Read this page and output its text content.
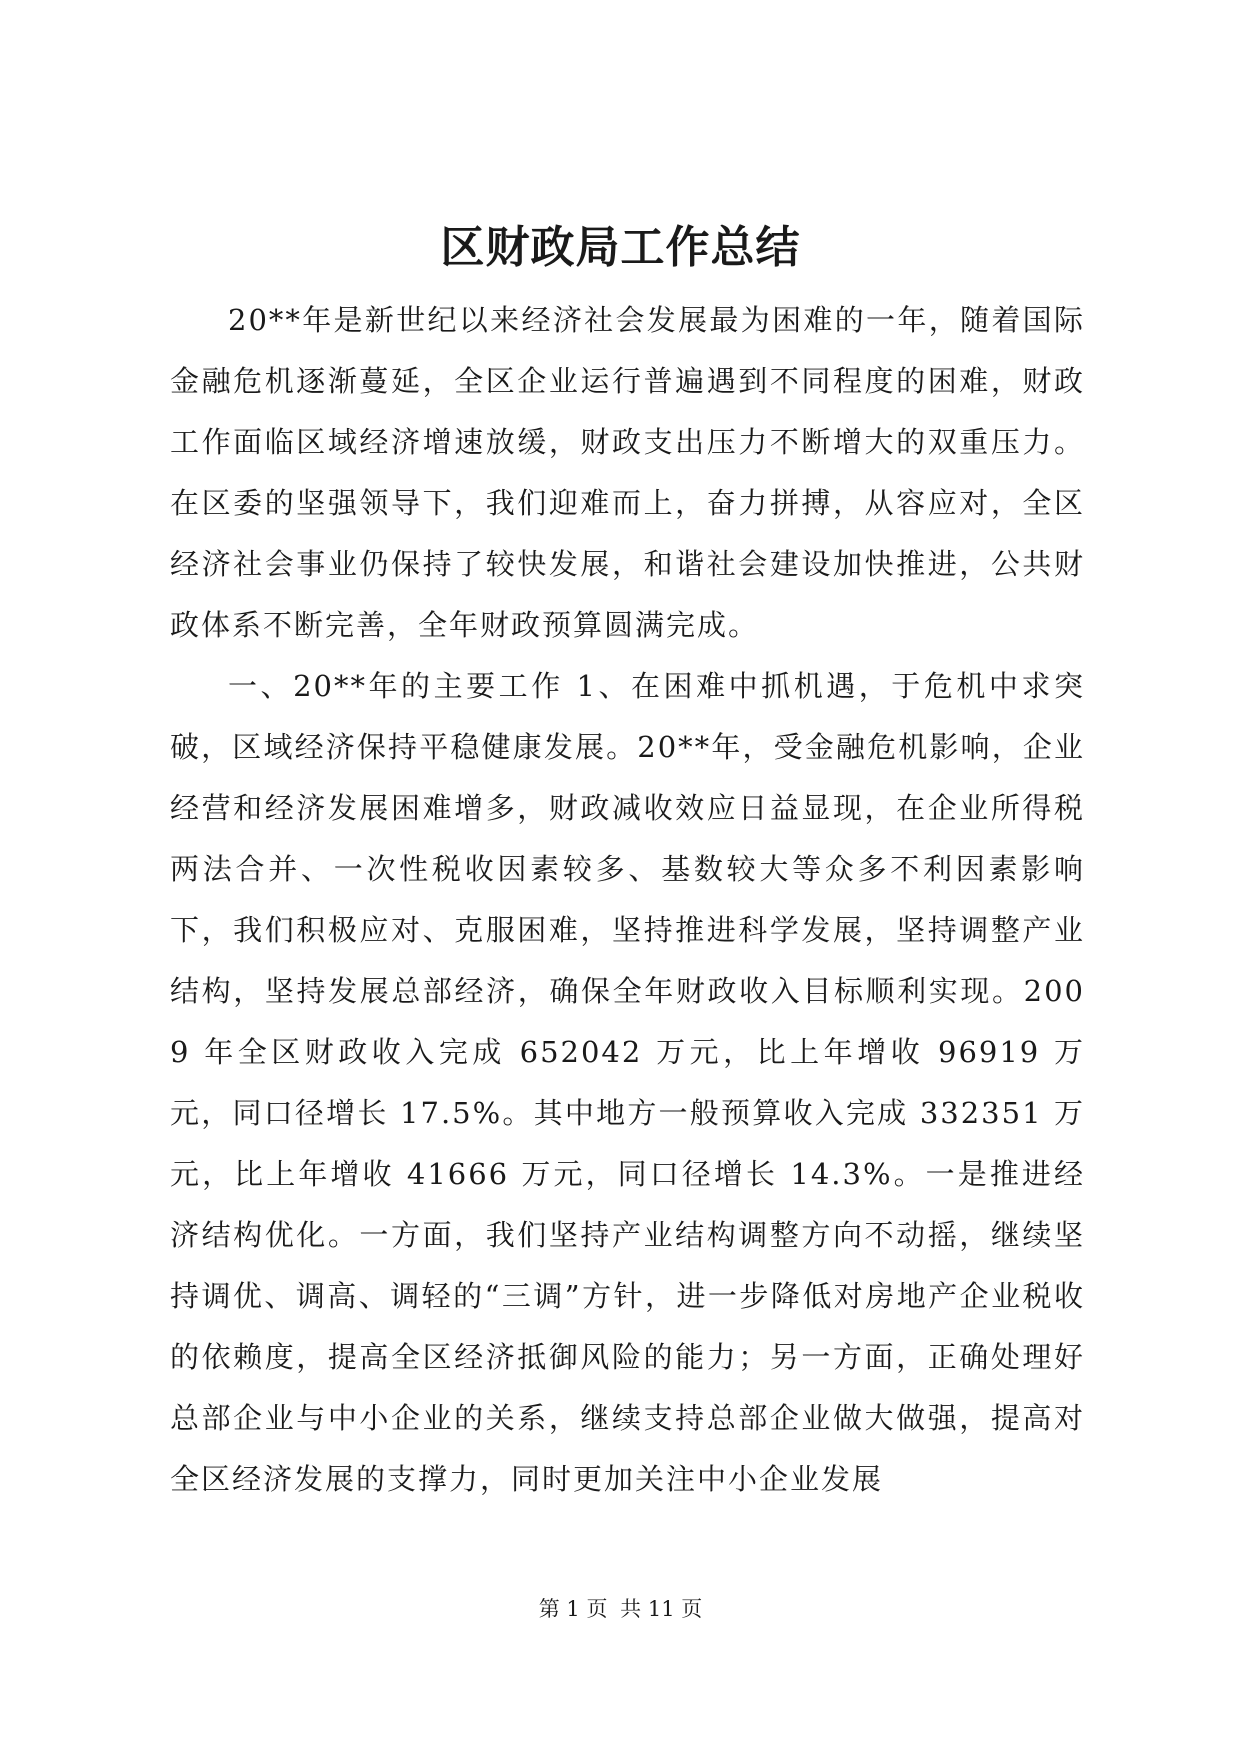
区财政局工作总结

20**年是新世纪以来经济社会发展最为困难的一年，随着国际金融危机逐渐蔓延，全区企业运行普遍遇到不同程度的困难，财政工作面临区域经济增速放缓，财政支出压力不断增大的双重压力。在区委的坚强领导下，我们迎难而上，奋力拼搏，从容应对，全区经济社会事业仍保持了较快发展，和谐社会建设加快推进，公共财政体系不断完善，全年财政预算圆满完成。

一、20**年的主要工作 1、在困难中抓机遇，于危机中求突破，区域经济保持平稳健康发展。20**年，受金融危机影响，企业经营和经济发展困难增多，财政减收效应日益显现，在企业所得税两法合并、一次性税收因素较多、基数较大等众多不利因素影响下，我们积极应对、克服困难，坚持推进科学发展，坚持调整产业结构，坚持发展总部经济，确保全年财政收入目标顺利实现。2009 年全区财政收入完成 652042 万元，比上年增收 96919 万元，同口径增长 17.5%。其中地方一般预算收入完成 332351 万元，比上年增收 41666 万元，同口径增长 14.3%。一是推进经济结构优化。一方面，我们坚持产业结构调整方向不动摇，继续坚持调优、调高、调轻的“三调”方针，进一步降低对房地产企业税收的依赖度，提高全区经济抵御风险的能力；另一方面，正确处理好总部企业与中小企业的关系，继续支持总部企业做大做强，提高对全区经济发展的支撑力，同时更加关注中小企业发展

第 1 页 共 11 页
